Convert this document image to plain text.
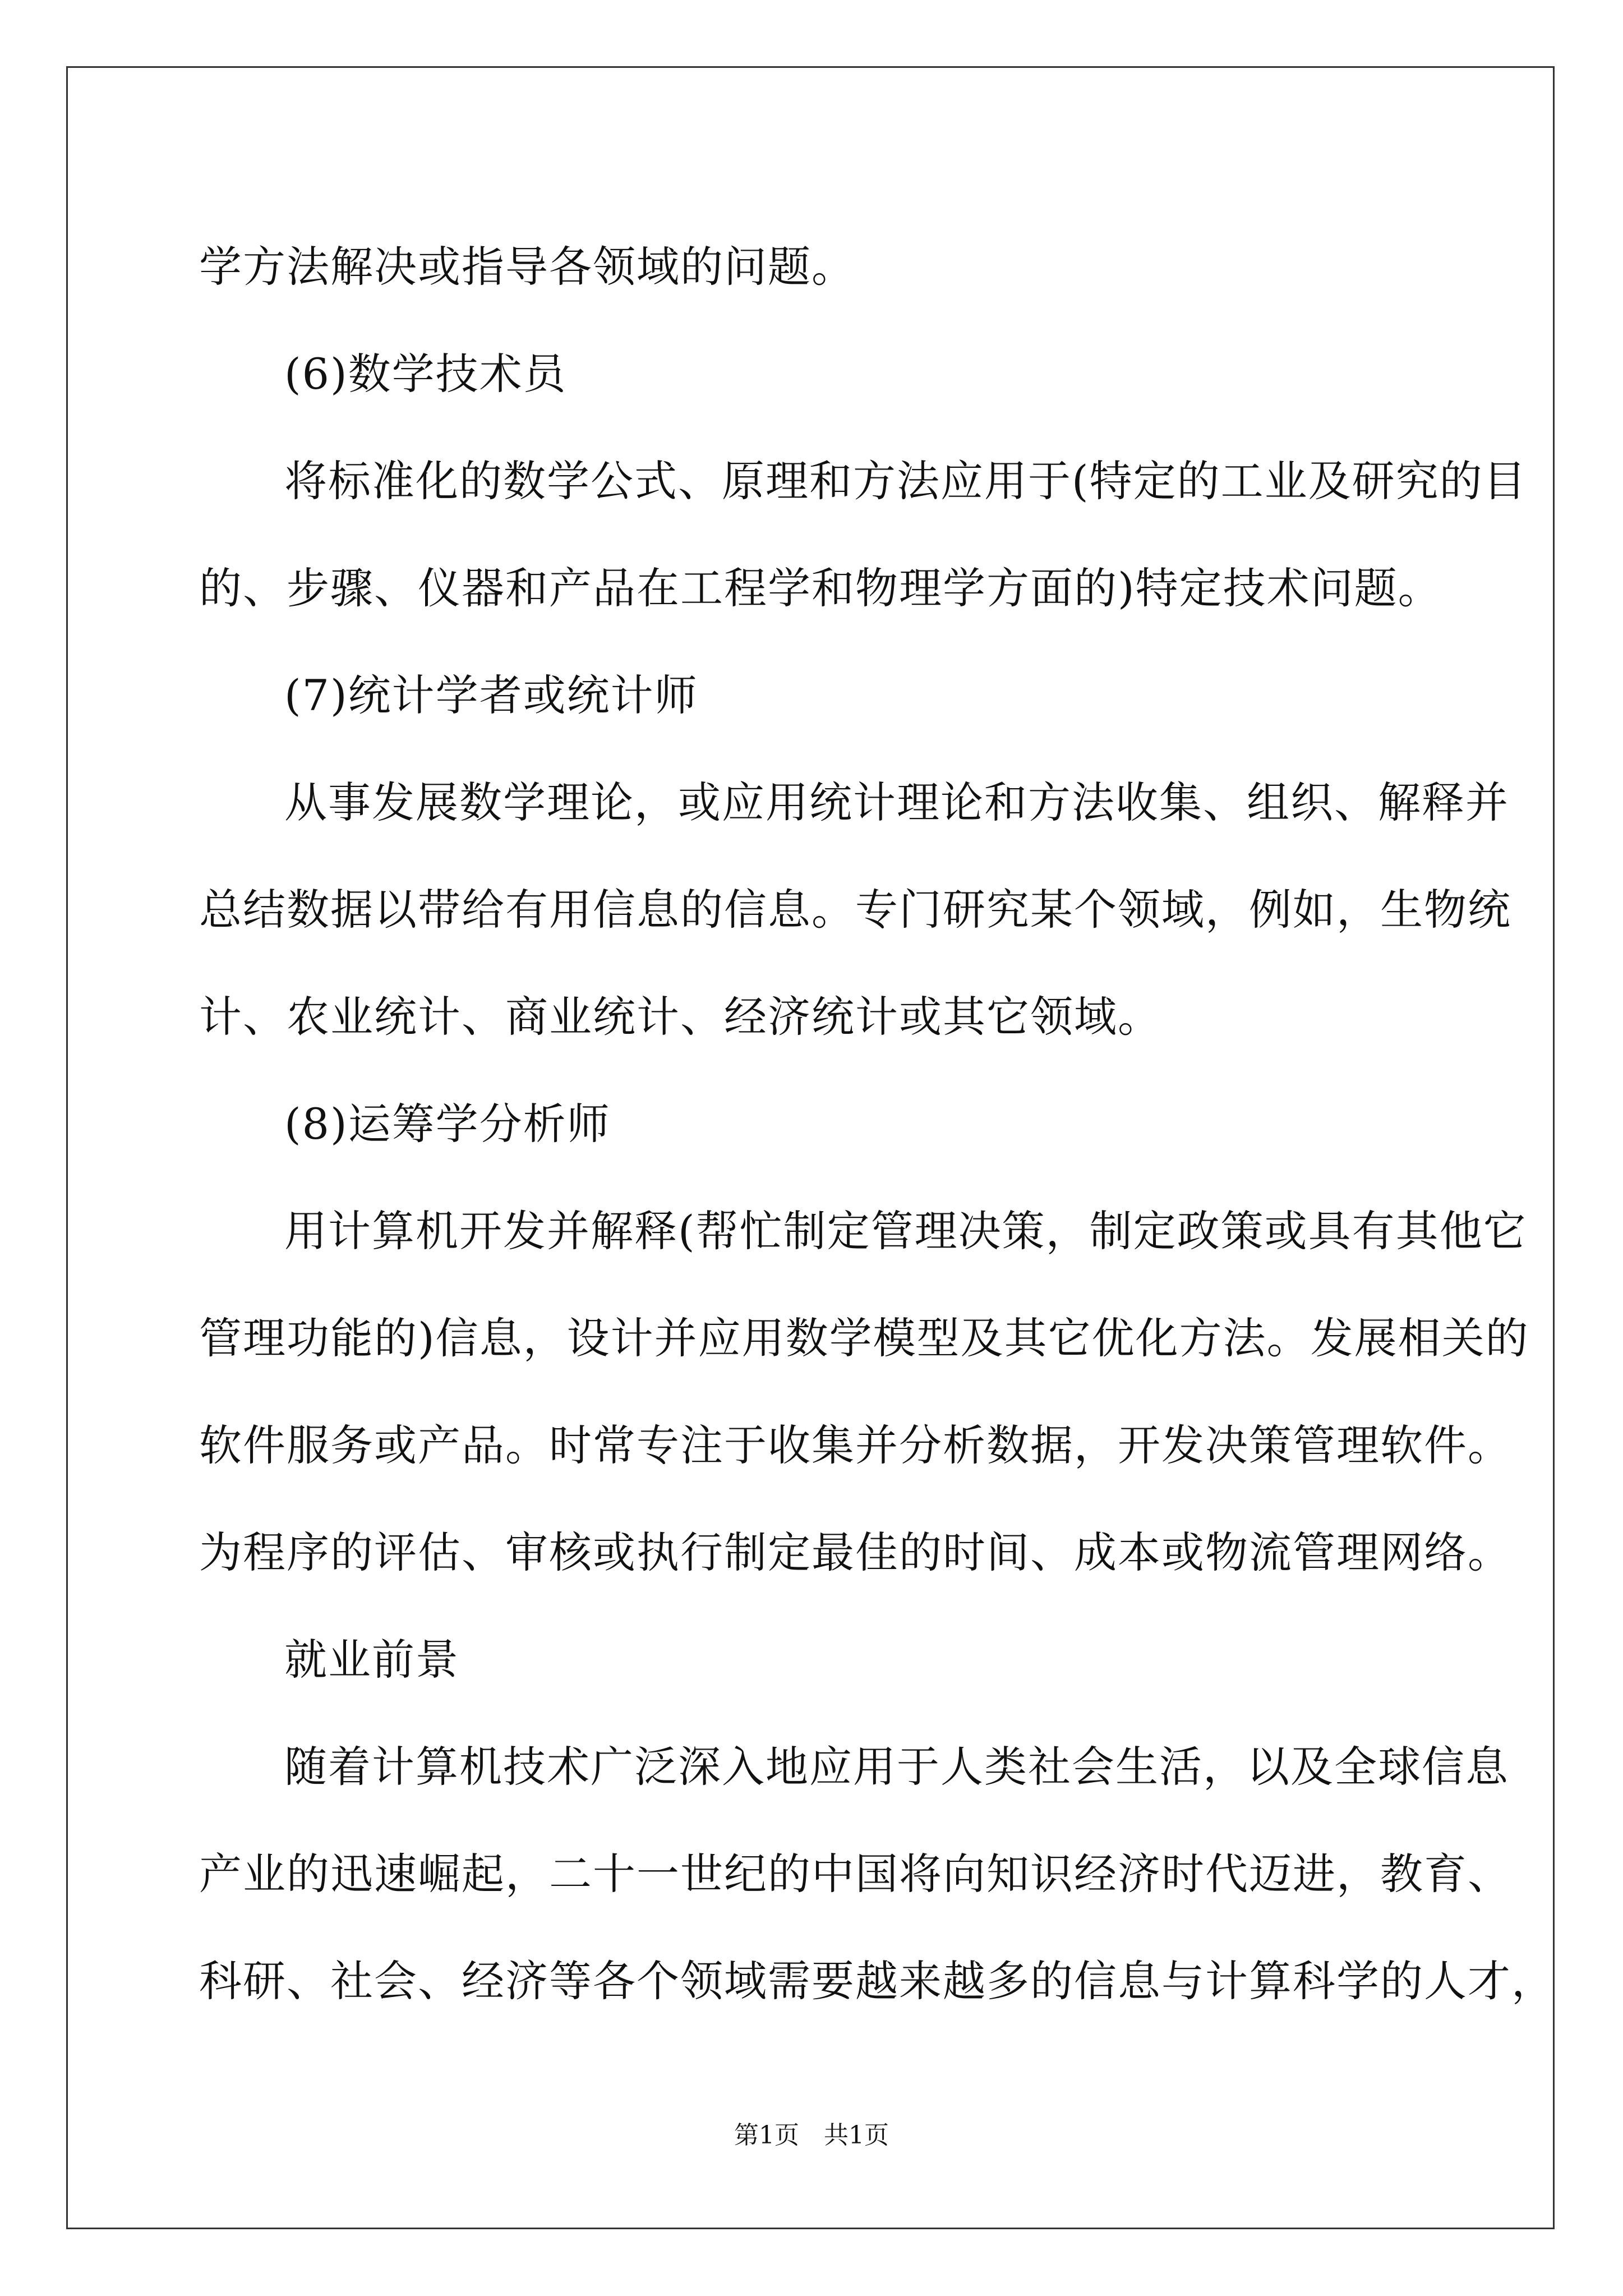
学方法解决或指导各领域的问题。

(6)数学技术员

将标准化的数学公式、原理和方法应用于(特定的工业及研究的目

的、步骤、仪器和产品在工程学和物理学方面的)特定技术问题。

(7)统计学者或统计师

从事发展数学理论，或应用统计理论和方法收集、组织、解释并

总结数据以带给有用信息的信息。专门研究某个领域，例如，生物统

计、农业统计、商业统计、经济统计或其它领域。

(8)运筹学分析师

用计算机开发并解释(帮忙制定管理决策，制定政策或具有其他它

管理功能的)信息，设计并应用数学模型及其它优化方法。发展相关的

软件服务或产品。时常专注于收集并分析数据，开发决策管理软件。

为程序的评估、审核或执行制定最佳的时间、成本或物流管理网络。

就业前景

随着计算机技术广泛深入地应用于人类社会生活，以及全球信息

产业的迅速崛起，二十一世纪的中国将向知识经济时代迈进，教育、

科研、社会、经济等各个领域需要越来越多的信息与计算科学的人才，

第1页　共1页
